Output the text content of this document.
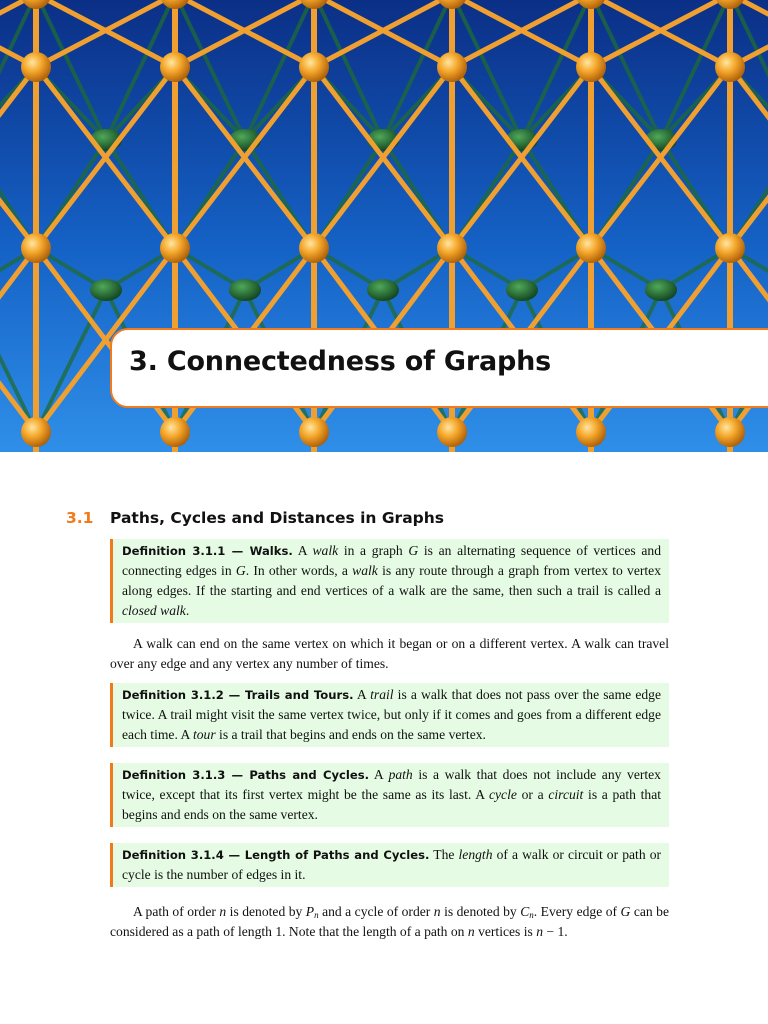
3. Connectedness of Graphs
3.1 Paths, Cycles and Distances in Graphs
Definition 3.1.1 — Walks. A walk in a graph G is an alternating sequence of vertices and connecting edges in G. In other words, a walk is any route through a graph from vertex to vertex along edges. If the starting and end vertices of a walk are the same, then such a trail is called a closed walk.
A walk can end on the same vertex on which it began or on a different vertex. A walk can travel over any edge and any vertex any number of times.
Definition 3.1.2 — Trails and Tours. A trail is a walk that does not pass over the same edge twice. A trail might visit the same vertex twice, but only if it comes and goes from a different edge each time. A tour is a trail that begins and ends on the same vertex.
Definition 3.1.3 — Paths and Cycles. A path is a walk that does not include any vertex twice, except that its first vertex might be the same as its last. A cycle or a circuit is a path that begins and ends on the same vertex.
Definition 3.1.4 — Length of Paths and Cycles. The length of a walk or circuit or path or cycle is the number of edges in it.
A path of order n is denoted by $P_n$ and a cycle of order n is denoted by $C_n$. Every edge of G can be considered as a path of length 1. Note that the length of a path on n vertices is n − 1.
